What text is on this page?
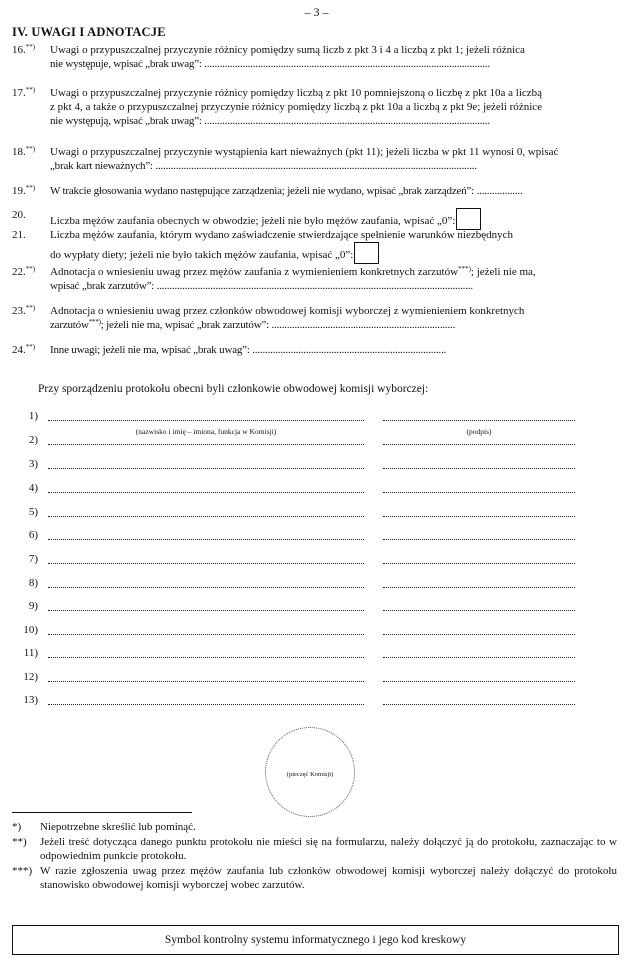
– 3 –
IV. UWAGI I ADNOTACJE
16.**)	Uwagi o przypuszczalnej przyczynie różnicy pomiędzy sumą liczb z pkt 3 i 4 a liczbą z pkt 1; jeżeli różnica
nie występuje, wpisać „brak uwag”: ................................................................................................................
17.**)	Uwagi o przypuszczalnej przyczynie różnicy pomiędzy liczbą z pkt 10 pomniejszoną o liczbę z pkt 10a a liczbą
z pkt 4, a także o przypuszczalnej przyczynie różnicy pomiędzy liczbą z pkt 10a a liczbą z pkt 9e; jeżeli różnice
nie występują, wpisać „brak uwag”: ................................................................................................................
18.**)	Uwagi o przypuszczalnej przyczynie wystąpienia kart nieważnych (pkt 11); jeżeli liczba w pkt 11 wynosi 0, wpisać
„brak kart nieważnych”: ..............................................................................................................................
19.**)	W trakcie głosowania wydano następujące zarządzenia; jeżeli nie wydano, wpisać „brak zarządzeń”: ..................
20.	Liczba mężów zaufania obecnych w obwodzie; jeżeli nie było mężów zaufania, wpisać „0”:
21.	Liczba mężów zaufania, którym wydano zaświadczenie stwierdzające spełnienie warunków niezbędnych
do wypłaty diety; jeżeli nie było takich mężów zaufania, wpisać „0”:
22.**)	Adnotacja o wniesieniu uwag przez mężów zaufania z wymienieniem konkretnych zarzutów***); jeżeli nie ma,
wpisać „brak zarzutów”: ............................................................................................................................
23.**)	Adnotacja o wniesieniu uwag przez członków obwodowej komisji wyborczej z wymienieniem konkretnych
zarzutów***); jeżeli nie ma, wpisać „brak zarzutów”: ........................................................................
24.**)	Inne uwagi; jeżeli nie ma, wpisać „brak uwag”: ............................................................................
Przy sporządzeniu protokołu obecni byli członkowie obwodowej komisji wyborczej:
1)
2)
3)
4)
5)
6)
7)
8)
9)
10)
11)
12)
13)
(nazwisko i imię – imiona, funkcja w Komisji)	(podpis)
(pieczęć Komisji)
*) Niepotrzebne skreślić lub pominąć.
**) Jeżeli treść dotycząca danego punktu protokołu nie mieści się na formularzu, należy dołączyć ją do protokołu, zaznaczając to w odpowiednim punkcie protokołu.
***) W razie zgłoszenia uwag przez mężów zaufania lub członków obwodowej komisji wyborczej należy dołączyć do protokołu stanowisko obwodowej komisji wyborczej wobec zarzutów.
Symbol kontrolny systemu informatycznego i jego kod kreskowy
